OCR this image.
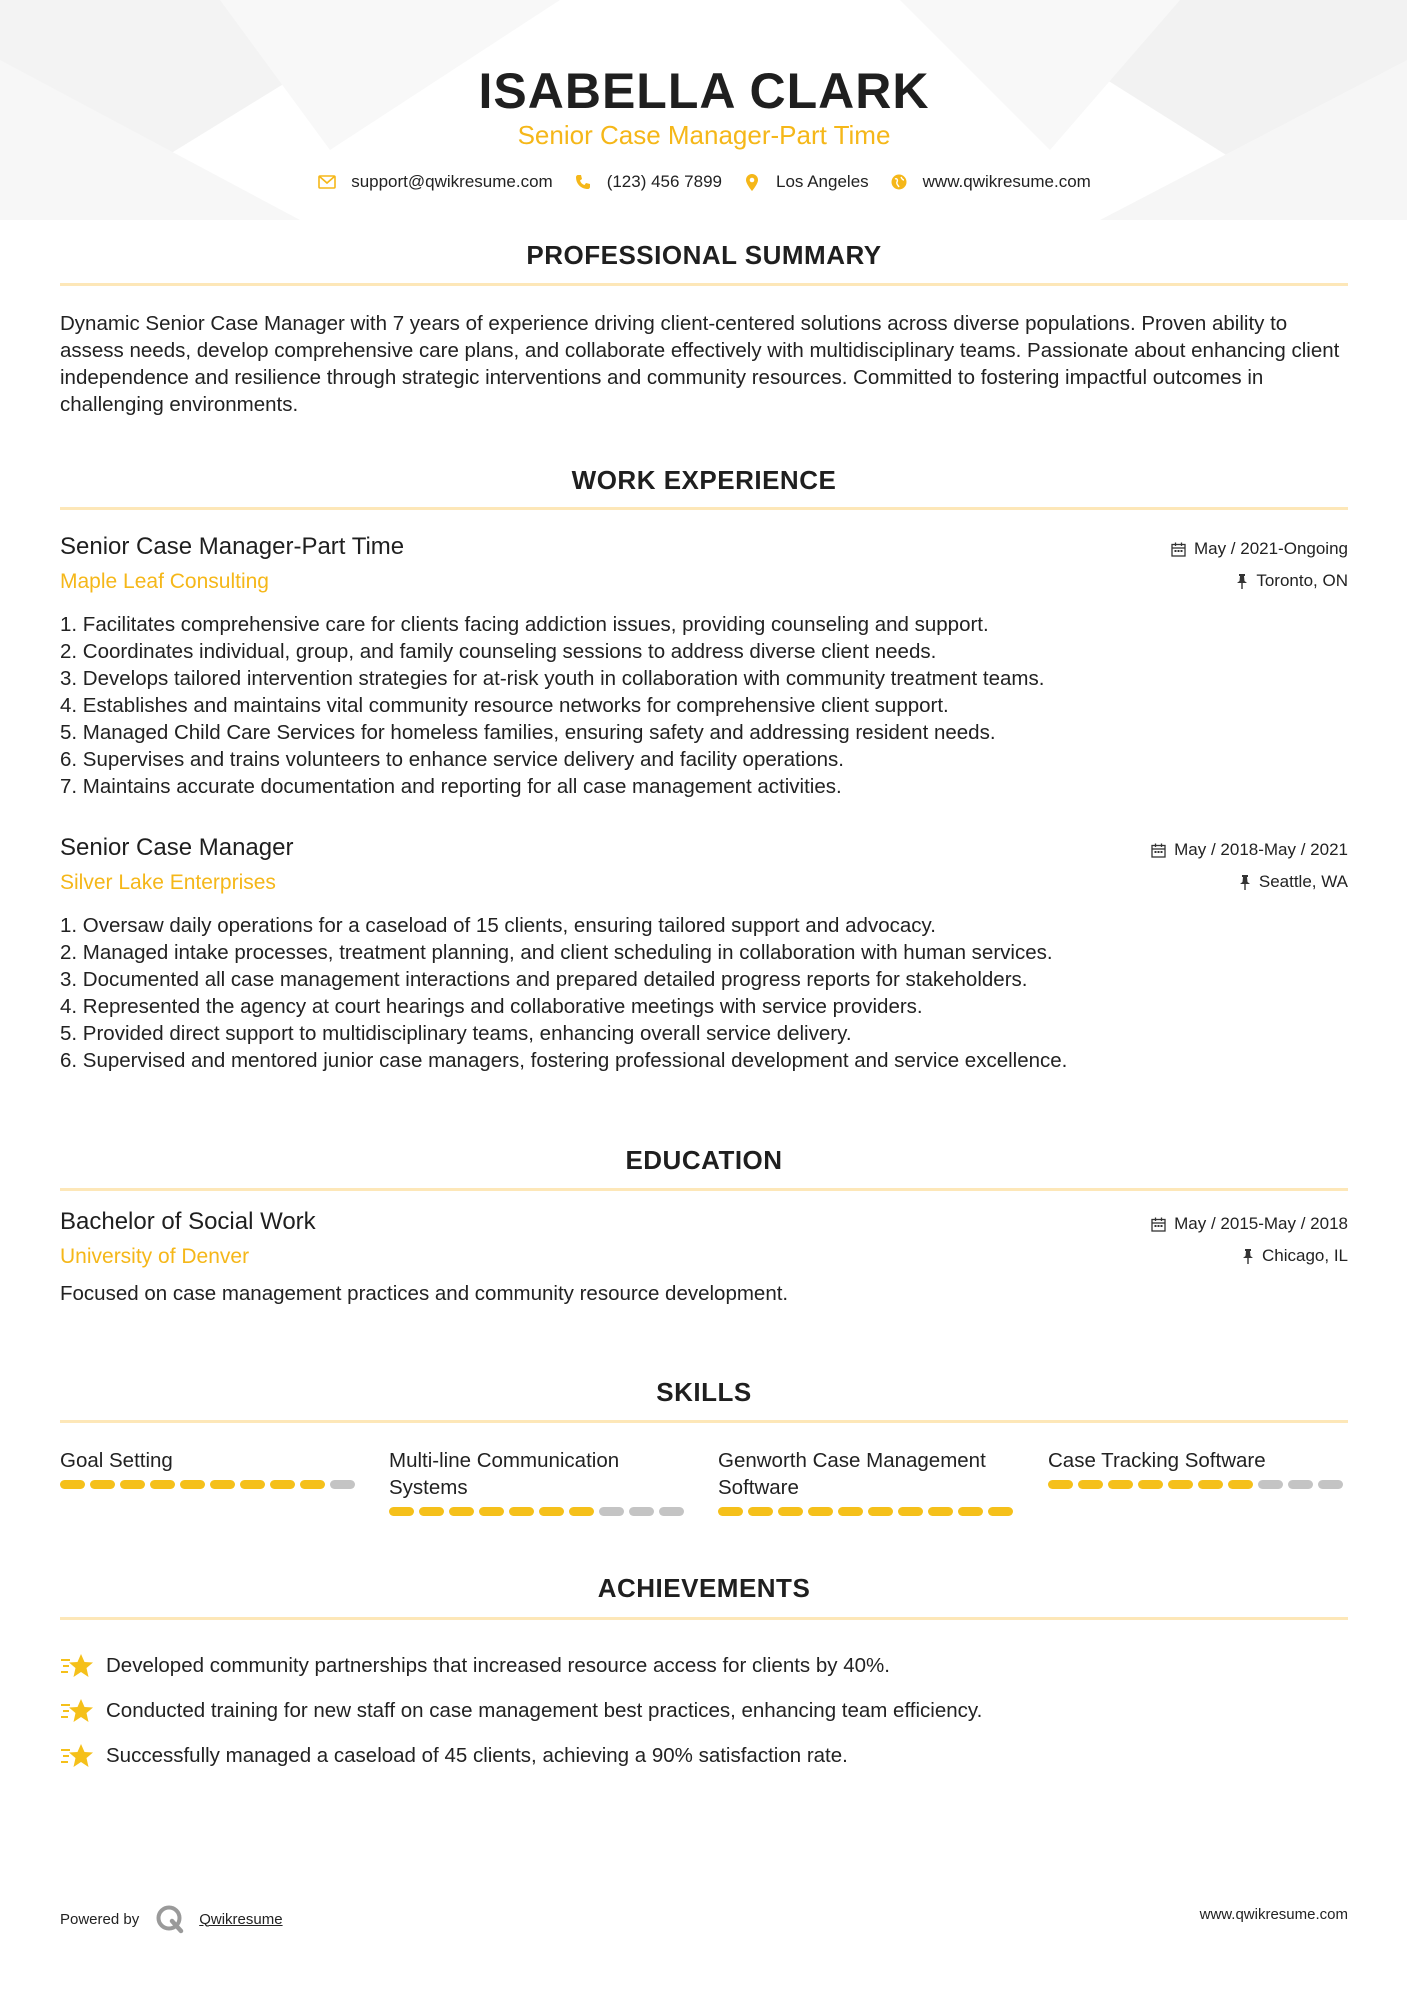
ISABELLA CLARK
Senior Case Manager-Part Time
support@qwikresume.com	(123) 456 7899	Los Angeles	www.qwikresume.com
PROFESSIONAL SUMMARY
Dynamic Senior Case Manager with 7 years of experience driving client-centered solutions across diverse populations. Proven ability to assess needs, develop comprehensive care plans, and collaborate effectively with multidisciplinary teams. Passionate about enhancing client independence and resilience through strategic interventions and community resources. Committed to fostering impactful outcomes in challenging environments.
WORK EXPERIENCE
Senior Case Manager-Part Time
Maple Leaf Consulting
May / 2021-Ongoing
Toronto, ON
1. Facilitates comprehensive care for clients facing addiction issues, providing counseling and support.
2. Coordinates individual, group, and family counseling sessions to address diverse client needs.
3. Develops tailored intervention strategies for at-risk youth in collaboration with community treatment teams.
4. Establishes and maintains vital community resource networks for comprehensive client support.
5. Managed Child Care Services for homeless families, ensuring safety and addressing resident needs.
6. Supervises and trains volunteers to enhance service delivery and facility operations.
7. Maintains accurate documentation and reporting for all case management activities.
Senior Case Manager
Silver Lake Enterprises
May / 2018-May / 2021
Seattle, WA
1. Oversaw daily operations for a caseload of 15 clients, ensuring tailored support and advocacy.
2. Managed intake processes, treatment planning, and client scheduling in collaboration with human services.
3. Documented all case management interactions and prepared detailed progress reports for stakeholders.
4. Represented the agency at court hearings and collaborative meetings with service providers.
5. Provided direct support to multidisciplinary teams, enhancing overall service delivery.
6. Supervised and mentored junior case managers, fostering professional development and service excellence.
EDUCATION
Bachelor of Social Work
University of Denver
May / 2015-May / 2018
Chicago, IL
Focused on case management practices and community resource development.
SKILLS
Goal Setting	Multi-line Communication Systems
Genworth Case Management Software
Case Tracking Software
ACHIEVEMENTS
Developed community partnerships that increased resource access for clients by 40%.
Conducted training for new staff on case management best practices, enhancing team efficiency.
Successfully managed a caseload of 45 clients, achieving a 90% satisfaction rate.
Powered by	Qwikresume	www.qwikresume.com
